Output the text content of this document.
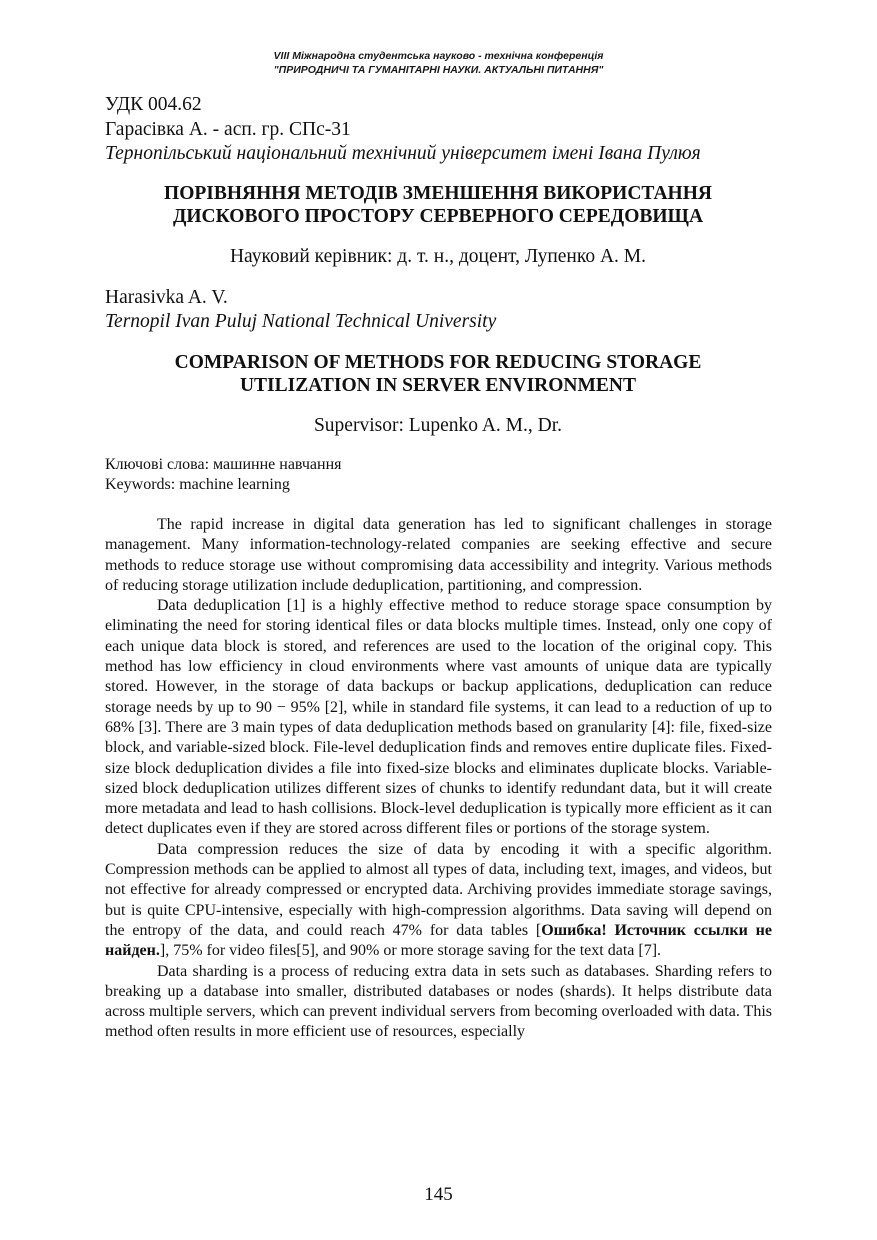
VIII Міжнародна студентська науково - технічна конференція
"ПРИРОДНИЧІ ТА ГУМАНІТАРНІ НАУКИ. АКТУАЛЬНІ ПИТАННЯ"
УДК 004.62
Гарасівка А. - асп. гр. СПс-31
Тернопільський національний технічний університет імені Івана Пулюя
ПОРІВНЯННЯ МЕТОДІВ ЗМЕНШЕННЯ ВИКОРИСТАННЯ
ДИСКОВОГО ПРОСТОРУ СЕРВЕРНОГО СЕРЕДОВИЩА
Науковий керівник: д. т. н., доцент, Лупенко А. М.
Harasivka A. V.
Ternopil Ivan Puluj National Technical University
COMPARISON OF METHODS FOR REDUCING STORAGE
UTILIZATION IN SERVER ENVIRONMENT
Supervisor: Lupenko A. M., Dr.
Ключові слова: машинне навчання
Keywords: machine learning

The rapid increase in digital data generation has led to significant challenges in storage management. Many information-technology-related companies are seeking effective and secure methods to reduce storage use without compromising data accessibility and integrity. Various methods of reducing storage utilization include deduplication, partitioning, and compression.

Data deduplication [1] is a highly effective method to reduce storage space consumption by eliminating the need for storing identical files or data blocks multiple times. Instead, only one copy of each unique data block is stored, and references are used to the location of the original copy. This method has low efficiency in cloud environments where vast amounts of unique data are typically stored. However, in the storage of data backups or backup applications, deduplication can reduce storage needs by up to 90 − 95% [2], while in standard file systems, it can lead to a reduction of up to 68% [3]. There are 3 main types of data deduplication methods based on granularity [4]: file, fixed-size block, and variable-sized block. File-level deduplication finds and removes entire duplicate files. Fixed-size block deduplication divides a file into fixed-size blocks and eliminates duplicate blocks. Variable-sized block deduplication utilizes different sizes of chunks to identify redundant data, but it will create more metadata and lead to hash collisions. Block-level deduplication is typically more efficient as it can detect duplicates even if they are stored across different files or portions of the storage system.

Data compression reduces the size of data by encoding it with a specific algorithm. Compression methods can be applied to almost all types of data, including text, images, and videos, but not effective for already compressed or encrypted data. Archiving provides immediate storage savings, but is quite CPU-intensive, especially with high-compression algorithms. Data saving will depend on the entropy of the data, and could reach 47% for data tables [Ошибка! Источник ссылки не найден.], 75% for video files[5], and 90% or more storage saving for the text data [7].

Data sharding is a process of reducing extra data in sets such as databases. Sharding refers to breaking up a database into smaller, distributed databases or nodes (shards). It helps distribute data across multiple servers, which can prevent individual servers from becoming overloaded with data. This method often results in more efficient use of resources, especially

145
